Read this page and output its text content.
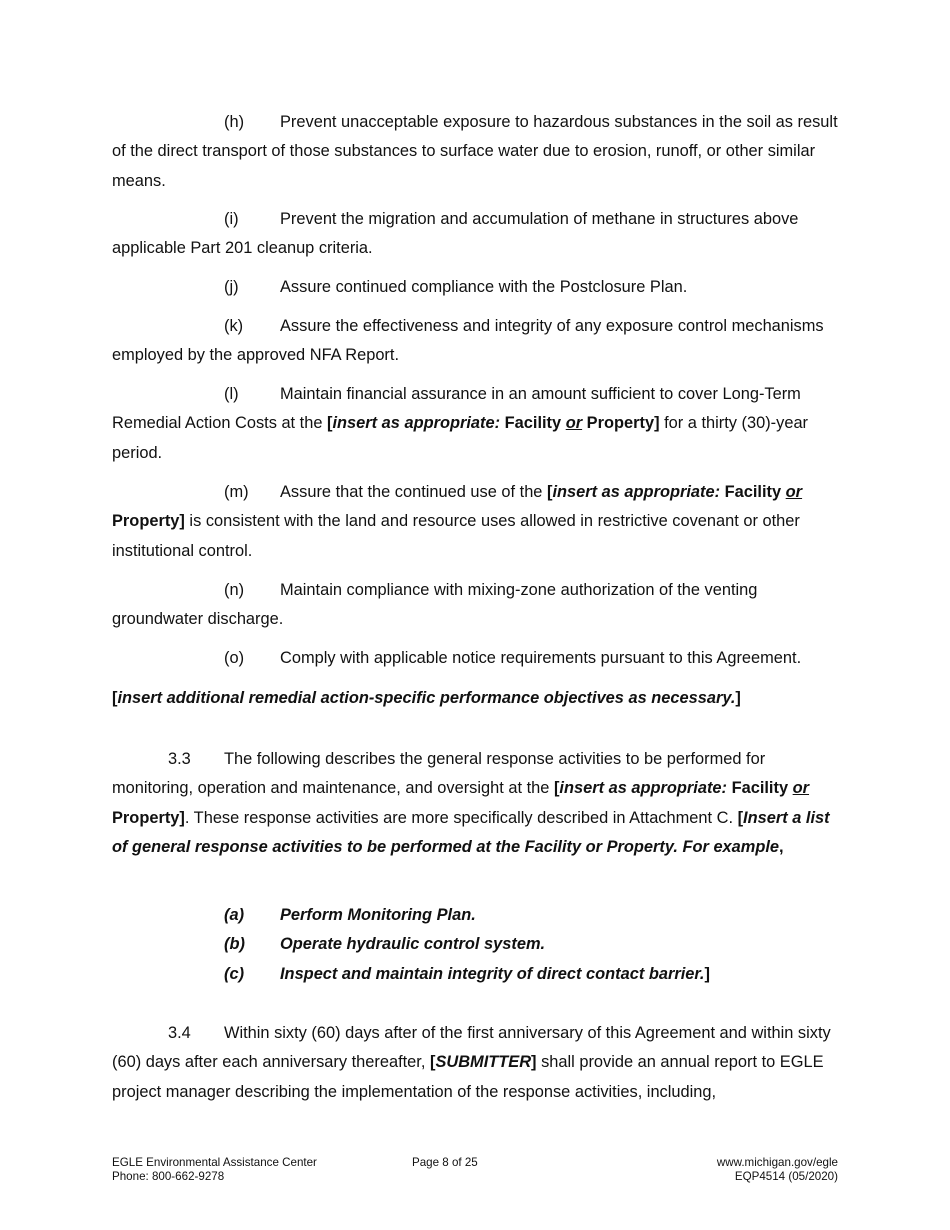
(h) Prevent unacceptable exposure to hazardous substances in the soil as result of the direct transport of those substances to surface water due to erosion, runoff, or other similar means.

(i)	Prevent the migration and accumulation of methane in structures above applicable Part 201 cleanup criteria.

(j)	Assure continued compliance with the Postclosure Plan.

(k) Assure the effectiveness and integrity of any exposure control mechanisms employed by the approved NFA Report.

(l)	Maintain financial assurance in an amount sufficient to cover Long-Term Remedial Action Costs at the [insert as appropriate: Facility or Property] for a thirty (30)-year period.

(m) Assure that the continued use of the [insert as appropriate: Facility or Property] is consistent with the land and resource uses allowed in restrictive covenant or other institutional control.

(n) Maintain compliance with mixing-zone authorization of the venting groundwater discharge.

(o) Comply with applicable notice requirements pursuant to this Agreement.

[insert additional remedial action-specific performance objectives as necessary.]

3.3 The following describes the general response activities to be performed for monitoring, operation and maintenance, and oversight at the [insert as appropriate: Facility or Property]. These response activities are more specifically described in Attachment C. [Insert a list of general response activities to be performed at the Facility or Property. For example,

(a) Perform Monitoring Plan.
(b) Operate hydraulic control system.
(c) Inspect and maintain integrity of direct contact barrier.]

3.4 Within sixty (60) days after of the first anniversary of this Agreement and within sixty (60) days after each anniversary thereafter, [SUBMITTER] shall provide an annual report to EGLE project manager describing the implementation of the response activities, including,

EGLE Environmental Assistance Center
Phone: 800-662-9278
Page 8 of 25	www.michigan.gov/egle
EQP4514 (05/2020)
